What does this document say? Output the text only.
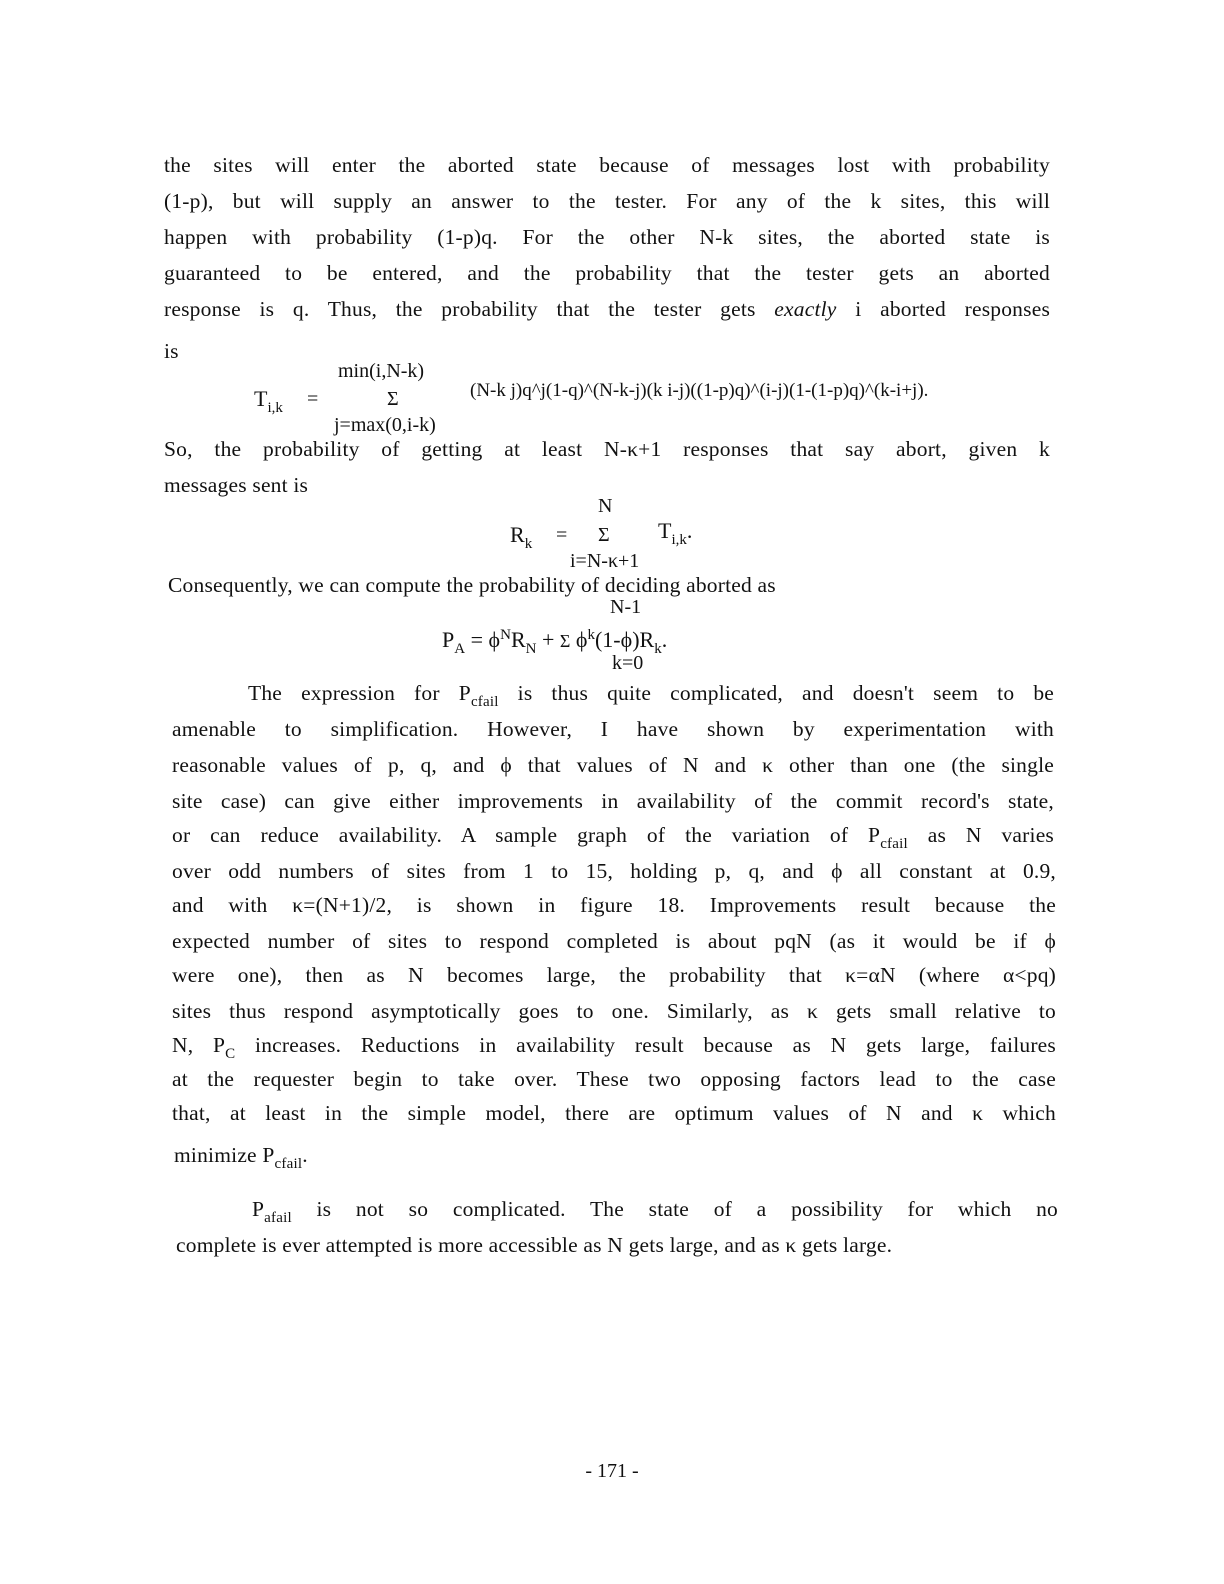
the sites will enter the aborted state because of messages lost with probability
(1-p), but will supply an answer to the tester. For any of the k sites, this will
happen with probability (1-p)q. For the other N-k sites, the aborted state is
guaranteed to be entered, and the probability that the tester gets an aborted
response is q. Thus, the probability that the tester gets exactly i aborted responses
is
min(i,N-k)
$T_{i,k}$ =	Σ	(N-k j)q^j(1-q)^(N-k-j)(k i-j)((1-p)q)^(i-j)(1-(1-p)q)^(k-i+j).
j=max(0,i-k)
So, the probability of getting at least N-κ+1 responses that say abort, given k
messages sent is
N
$R_k = \Sigma$ $T_{i,k}$.
i=N-κ+1
Consequently, we can compute the probability of deciding aborted as
N-1
$P_A = \phi^NR_N + \Sigma$ $\phi^k(1-\phi)R_k$.
k=0
The expression for $P_{cfail}$ is thus quite complicated, and doesn't seem to be
amenable to simplification. However, I have shown by experimentation with
reasonable values of p, q, and ϕ that values of N and κ other than one (the single
site case) can give either improvements in availability of the commit record's state,
or can reduce availability. A sample graph of the variation of $P_{cfail}$ as N varies
over odd numbers of sites from 1 to 15, holding p, q, and ϕ all constant at 0.9,
and with κ=(N+1)/2, is shown in figure 18. Improvements result because the
expected number of sites to respond completed is about pqN (as it would be if ϕ
were one), then as N becomes large, the probability that κ=αN (where α<pq)
sites thus respond asymptotically goes to one. Similarly, as κ gets small relative to
N, $P_C$ increases. Reductions in availability result because as N gets large, failures
at the requester begin to take over. These two opposing factors lead to the case
that, at least in the simple model, there are optimum values of N and κ which
minimize $P_{cfail}$.
$P_{afail}$ is not so complicated. The state of a possibility for which no
complete is ever attempted is more accessible as N gets large, and as κ gets large.
- 171 -
